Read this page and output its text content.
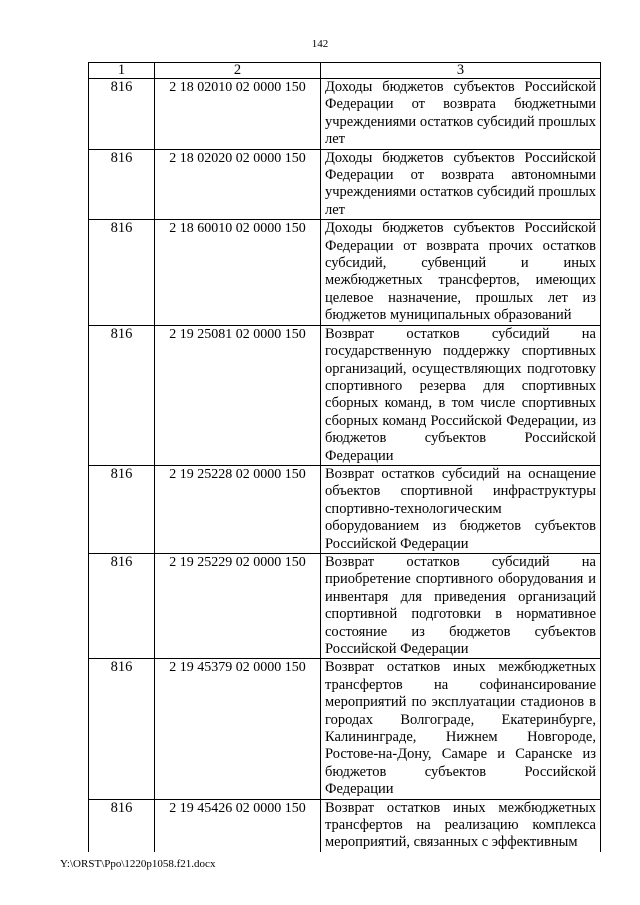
142
1	2	3
816	2 18 02010 02 0000 150	Доходы бюджетов субъектов Российской Федерации от возврата бюджетными учреждениями остатков субсидий прошлых лет
816	2 18 02020 02 0000 150	Доходы бюджетов субъектов Российской Федерации от возврата автономными учреждениями остатков субсидий прошлых лет
816	2 18 60010 02 0000 150	Доходы бюджетов субъектов Российской Федерации от возврата прочих остатков субсидий, субвенций и иных межбюджетных трансфертов, имеющих целевое назначение, прошлых лет из бюджетов муниципальных образований
816	2 19 25081 02 0000 150	Возврат остатков субсидий на государственную поддержку спортивных организаций, осуществляющих подготовку спортивного резерва для спортивных сборных команд, в том числе спортивных сборных команд Российской Федерации, из бюджетов субъектов Российской Федерации
816	2 19 25228 02 0000 150	Возврат остатков субсидий на оснащение объектов спортивной инфраструктуры спортивно-технологическим оборудованием из бюджетов субъектов Российской Федерации
816	2 19 25229 02 0000 150	Возврат остатков субсидий на приобретение спортивного оборудования и инвентаря для приведения организаций спортивной подготовки в нормативное состояние из бюджетов субъектов Российской Федерации
816	2 19 45379 02 0000 150	Возврат остатков иных межбюджетных трансфертов на софинансирование мероприятий по эксплуатации стадионов в городах Волгограде, Екатеринбурге, Калининграде, Нижнем Новгороде, Ростове-на-Дону, Самаре и Саранске из бюджетов субъектов Российской Федерации
816	2 19 45426 02 0000 150	Возврат остатков иных межбюджетных трансфертов на реализацию комплекса мероприятий, связанных с эффективным
Y:\ORST\Ppo\1220p1058.f21.docx
